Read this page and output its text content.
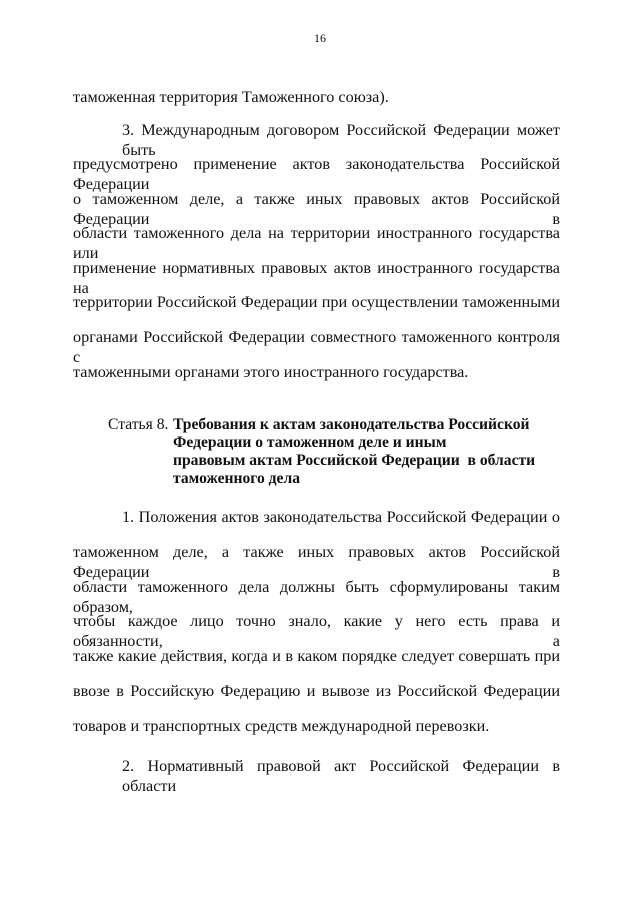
16
таможенная территория Таможенного союза).
3. Международным договором Российской Федерации может быть
предусмотрено применение актов законодательства Российской Федерации
о таможенном деле, а также иных правовых актов Российской Федерации в
области таможенного дела на территории иностранного государства или
применение нормативных правовых актов иностранного государства на
территории Российской Федерации при осуществлении таможенными
органами Российской Федерации совместного таможенного контроля с
таможенными органами этого иностранного государства.
Статья 8. Требования к актам законодательства Российской
Федерации о таможенном деле и иным
правовым актам Российской Федерации  в области
таможенного дела
1. Положения актов законодательства Российской Федерации о
таможенном деле, а также иных правовых актов Российской Федерации в
области таможенного дела должны быть сформулированы таким образом,
чтобы каждое лицо точно знало, какие у него есть права и обязанности, а
также какие действия, когда и в каком порядке следует совершать при
ввозе в Российскую Федерацию и вывозе из Российской Федерации
товаров и транспортных средств международной перевозки.
2. Нормативный правовой акт Российской Федерации в области
